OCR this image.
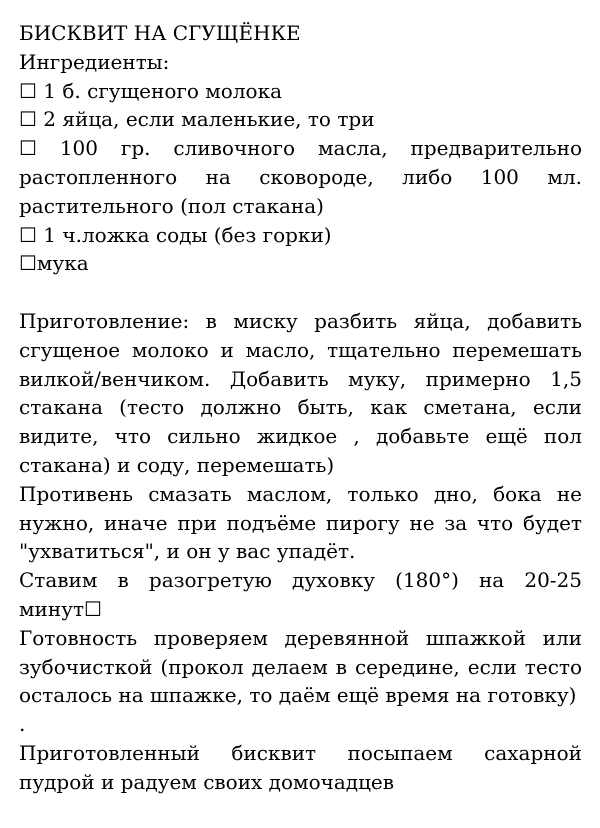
БИСКВИТ НА СГУЩЁНКЕ

Ингредиенты:

☐ 1 б. сгущеного молока

☐ 2 яйца, если маленькие, то три

☐ 100 гр. сливочного масла, предварительно растопленного на сковороде, либо 100 мл. растительного (пол стакана)

☐ 1 ч.ложка соды (без горки)

☐мука

Приготовление: в миску разбить яйца, добавить сгущеное молоко и масло, тщательно перемешать вилкой/венчиком. Добавить муку, примерно 1,5 стакана (тесто должно быть, как сметана, если видите, что сильно жидкое , добавьте ещё пол стакана) и соду, перемешать)

Противень смазать маслом, только дно, бока не нужно, иначе при подъёме пирогу не за что будет "ухватиться", и он у вас упадёт.

Ставим в разогретую духовку (180°) на 20-25 минут☐

Готовность проверяем деревянной шпажкой или зубочисткой (прокол делаем в середине, если тесто осталось на шпажке, то даём ещё время на готовку)

.

Приготовленный бисквит посыпаем сахарной пудрой и радуем своих домочадцев
